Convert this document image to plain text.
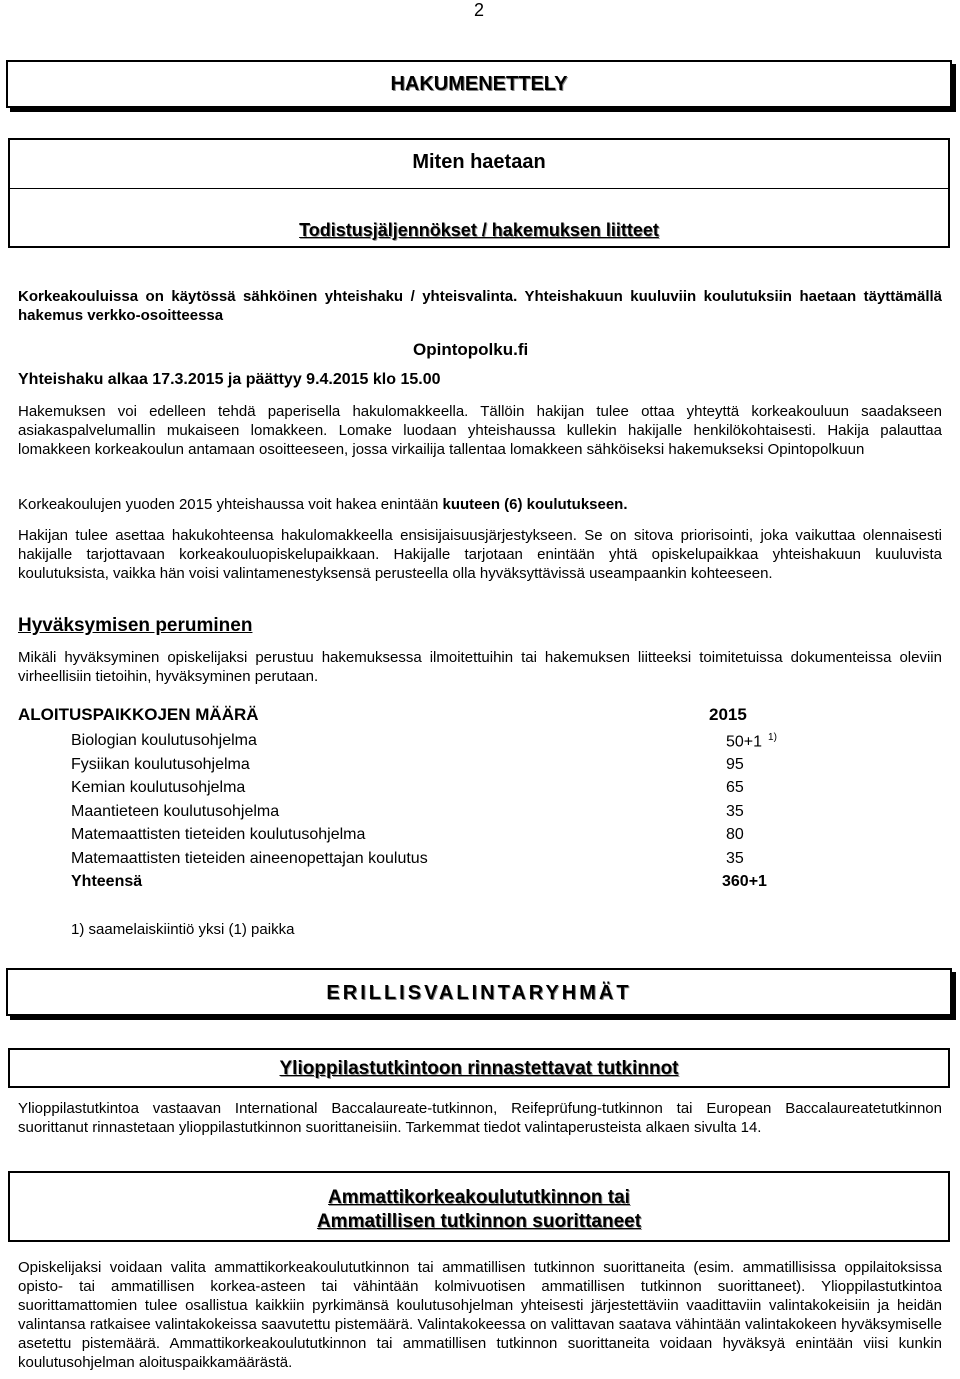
2
HAKUMENETTELY
Miten haetaan
Todistusjäljennökset / hakemuksen liitteet
Korkeakouluissa on käytössä sähköinen yhteishaku / yhteisvalinta. Yhteishakuun kuuluviin koulutuksiin haetaan täyttämällä hakemus verkko-osoitteessa
Opintopolku.fi
Yhteishaku alkaa 17.3.2015 ja päättyy 9.4.2015 klo 15.00
Hakemuksen voi edelleen tehdä paperisella hakulomakkeella. Tällöin hakijan tulee ottaa yhteyttä korkeakouluun saadakseen asiakaspalvelumallin mukaiseen lomakkeen. Lomake luodaan yhteishaussa kullekin hakijalle henkilökohtaisesti. Hakija palauttaa lomakkeen korkeakoulun antamaan osoitteeseen, jossa virkailija tallentaa lomakkeen sähköiseksi hakemukseksi Opintopolkuun
Korkeakoulujen yuoden 2015 yhteishaussa voit hakea enintään kuuteen (6) koulutukseen.
Hakijan tulee asettaa hakukohteensa hakulomakkeella ensisijaisuusjärjestykseen. Se on sitova priorisointi, joka vaikuttaa olennaisesti hakijalle tarjottavaan korkeakouluopiskelupaikkaan. Hakijalle tarjotaan enintään yhtä opiskelupaikkaa yhteishakuun kuuluvista koulutuksista, vaikka hän voisi valintamenestyksensä perusteella olla hyväksyttävissä useampaankin kohteeseen.
Hyväksymisen peruminen
Mikäli hyväksyminen opiskelijaksi perustuu hakemuksessa ilmoitettuihin tai hakemuksen liitteeksi toimitetuissa dokumenteissa oleviin virheellisiin tietoihin, hyväksyminen perutaan.
ALOITUSPAIKKOJEN MÄÄRÄ	2015
Biologian koulutusohjelma	50+1 $^{1)}$
Fysiikan koulutusohjelma	95
Kemian koulutusohjelma	65
Maantieteen koulutusohjelma	35
Matemaattisten tieteiden koulutusohjelma	80
Matemaattisten tieteiden aineenopettajan koulutus	35
Yhteensä	360+1
1) saamelaiskiintiö yksi (1) paikka
ERILLISVALINTARYHMÄT
Ylioppilastutkintoon rinnastettavat tutkinnot
Ylioppilastutkintoa vastaavan International Baccalaureate-tutkinnon, Reifeprüfung-tutkinnon tai European Baccalaureatetutkinnon suorittanut rinnastetaan ylioppilastutkinnon suorittaneisiin. Tarkemmat tiedot valintaperusteista alkaen sivulta 14.
Ammattikorkeakoulututkinnon tai
Ammatillisen tutkinnon suorittaneet
Opiskelijaksi voidaan valita ammattikorkeakoulututkinnon tai ammatillisen tutkinnon suorittaneita (esim. ammatillisissa oppilaitoksissa opisto- tai ammatillisen korkea-asteen tai vähintään kolmivuotisen ammatillisen tutkinnon suorittaneet). Ylioppilastutkintoa suorittamattomien tulee osallistua kaikkiin pyrkimänsä koulutusohjelman yhteisesti järjestettäviin vaadittaviin valintakokeisiin ja heidän valintansa ratkaisee valintakokeissa saavutettu pistemäärä. Valintakokeessa on valittavan saatava vähintään valintakokeen hyväksymiselle asetettu pistemäärä. Ammattikorkeakoulututkinnon tai ammatillisen tutkinnon suorittaneita voidaan hyväksyä enintään viisi kunkin koulutusohjelman aloituspaikkamäärästä.
